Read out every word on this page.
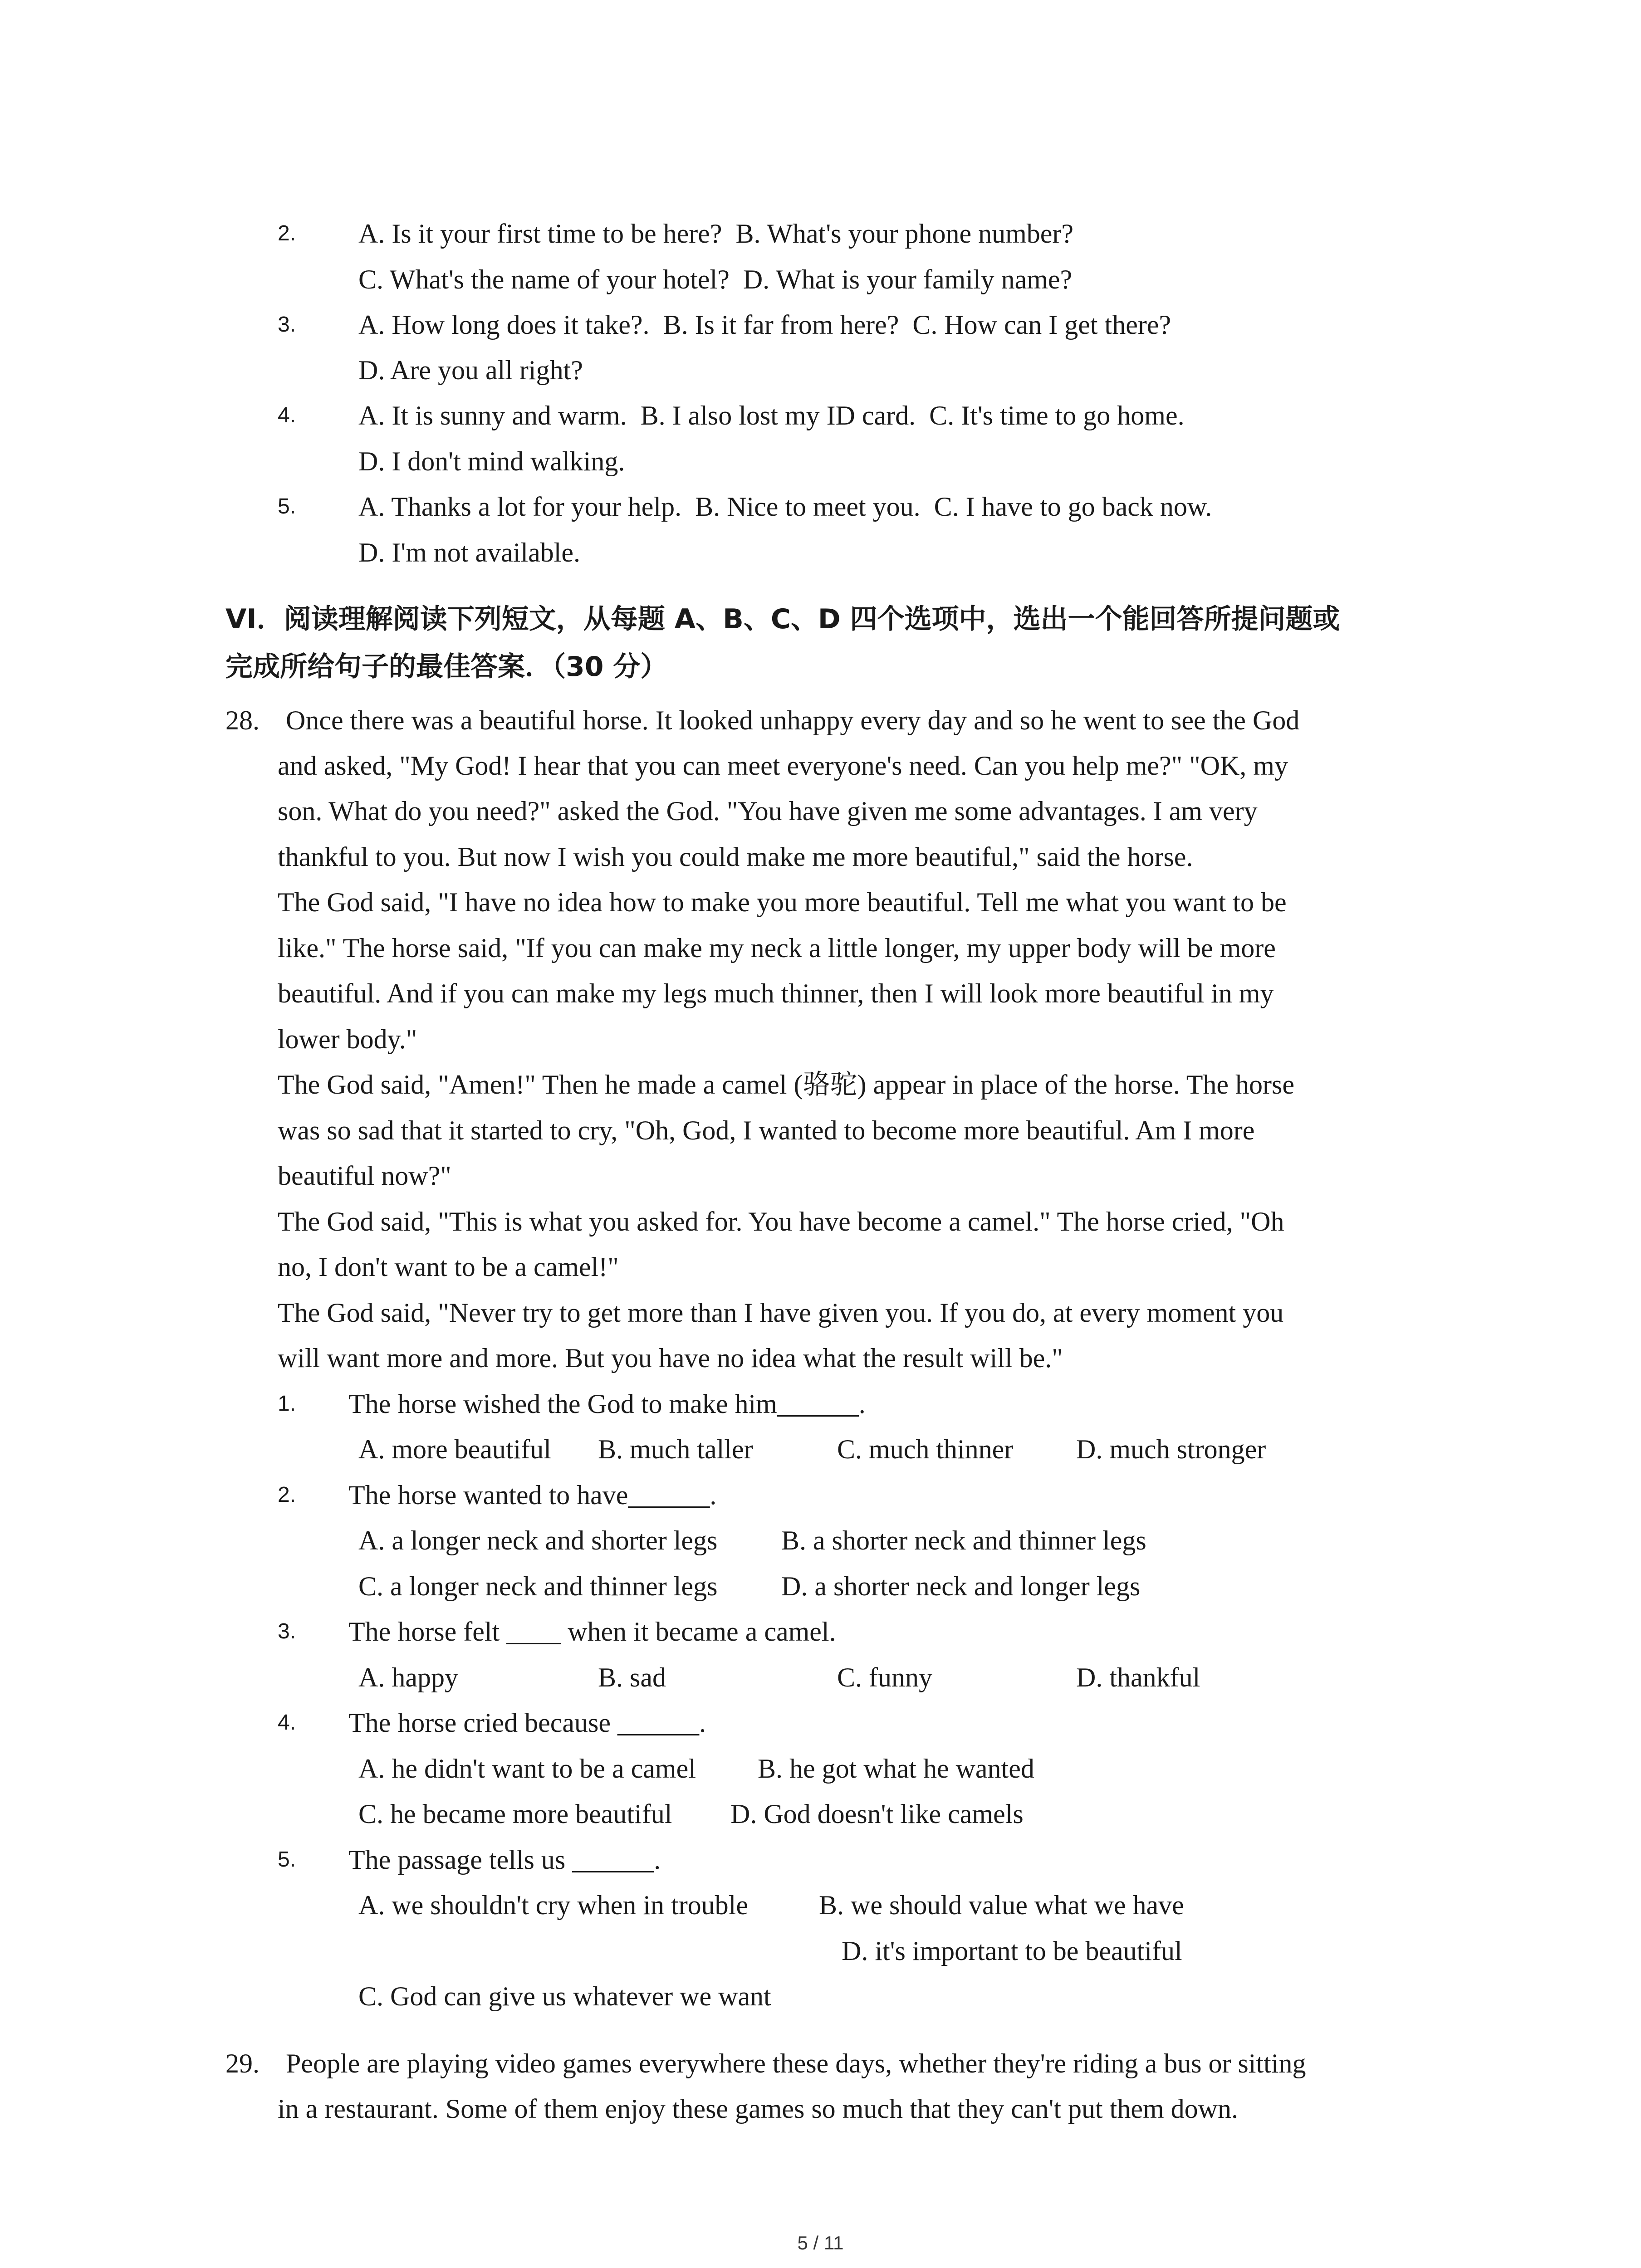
2. A. Is it your first time to be here?  B. What's your phone number?
C. What's the name of your hotel?  D. What is your family name?
3. A. How long does it take?.  B. Is it far from here?  C. How can I get there?
D. Are you all right?
4. A. It is sunny and warm.  B. I also lost my ID card.  C. It's time to go home.
D. I don't mind walking.
5. A. Thanks a lot for your help.  B. Nice to meet you.  C. I have to go back now.
D. I'm not available.
VI．阅读理解阅读下列短文，从每题 A、B、C、D 四个选项中，选出一个能回答所提问题或
完成所给句子的最佳答案．（30 分）
28. Once there was a beautiful horse. It looked unhappy every day and so he went to see the God
and asked, "My God! I hear that you can meet everyone's need. Can you help me?" "OK, my
son. What do you need?" asked the God. "You have given me some advantages. I am very
thankful to you. But now I wish you could make me more beautiful," said the horse.
The God said, "I have no idea how to make you more beautiful. Tell me what you want to be
like." The horse said, "If you can make my neck a little longer, my upper body will be more
beautiful. And if you can make my legs much thinner, then I will look more beautiful in my
lower body."
The God said, "Amen!" Then he made a camel (骆驼) appear in place of the horse. The horse
was so sad that it started to cry, "Oh, God, I wanted to become more beautiful. Am I more
beautiful now?"
The God said, "This is what you asked for. You have become a camel." The horse cried, "Oh
no, I don't want to be a camel!"
The God said, "Never try to get more than I have given you. If you do, at every moment you
will want more and more. But you have no idea what the result will be."
1. The horse wished the God to make him______.
A. more beautiful B. much taller	C. much thinner D. much stronger
2. The horse wanted to have______.
A. a longer neck and shorter legs B. a shorter neck and thinner legs
C. a longer neck and thinner legs D. a shorter neck and longer legs
3. The horse felt ____ when it became a camel.
A. happy	B. sad	C. funny	D. thankful
4. The horse cried because ______.
A. he didn't want to be a camel B. he got what he wanted
C. he became more beautiful D. God doesn't like camels
5. The passage tells us ______.
A. we shouldn't cry when in trouble	B. we should value what we have
D. it's important to be beautiful
C. God can give us whatever we want
29. People are playing video games everywhere these days, whether they're riding a bus or sitting
in a restaurant. Some of them enjoy these games so much that they can't put them down.
5 / 11
